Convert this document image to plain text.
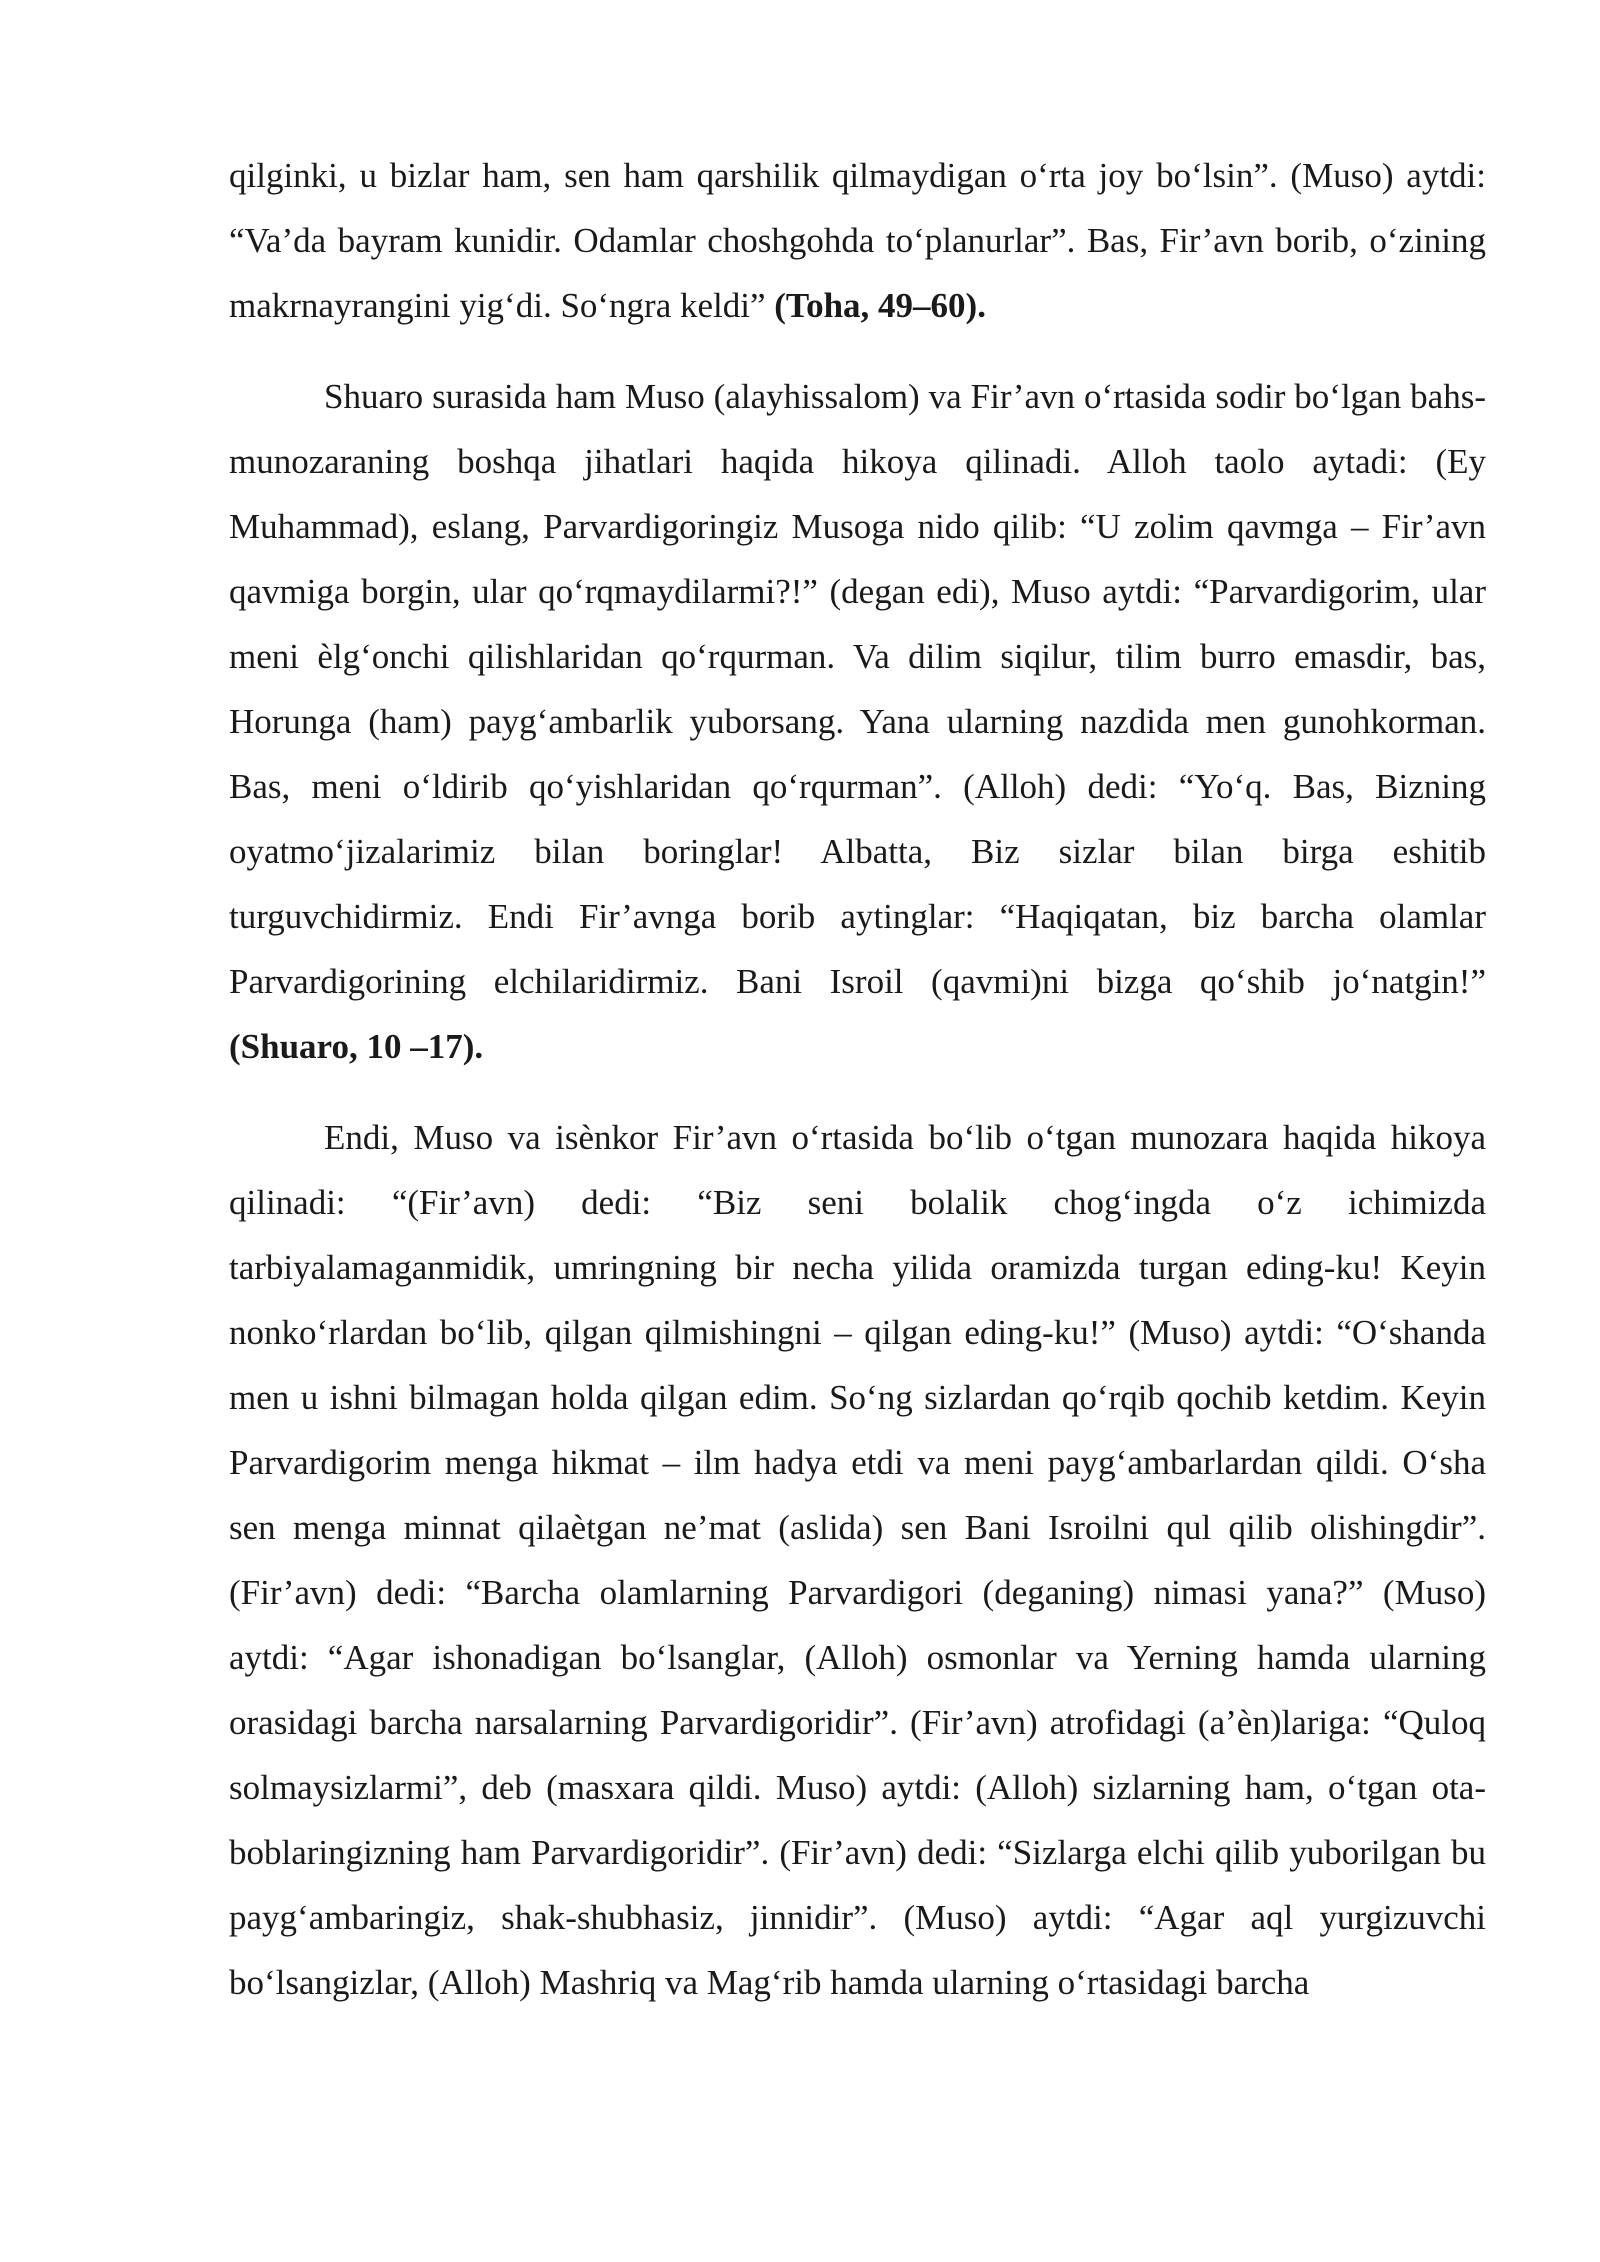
qilginki, u bizlar ham, sen ham qarshilik qilmaydigan o‘rta joy bo‘lsin”. (Muso) aytdi: “Va’da bayram kunidir. Odamlar choshgohda to‘planurlar”. Bas, Fir’avn borib, o‘zining makrnayrangini yig‘di. So‘ngra keldi” (Toha, 49–60).

Shuaro surasida ham Muso (alayhissalom) va Fir’avn o‘rtasida sodir bo‘lgan bahs-munozaraning boshqa jihatlari haqida hikoya qilinadi. Alloh taolo aytadi: (Ey Muhammad), eslang, Parvardigoringiz Musoga nido qilib: “U zolim qavmga – Fir’avn qavmiga borgin, ular qo‘rqmaydilarmi?!” (degan edi), Muso aytdi: “Parvardigorim, ular meni èlg‘onchi qilishlaridan qo‘rqurman. Va dilim siqilur, tilim burro emasdir, bas, Horunga (ham) payg‘ambarlik yuborsang. Yana ularning nazdida men gunohkorman. Bas, meni o‘ldirib qo‘yishlaridan qo‘rqurman”. (Alloh) dedi: “Yo‘q. Bas, Bizning oyatmo‘jizalarimiz bilan boringlar! Albatta, Biz sizlar bilan birga eshitib turguvchidirmiz. Endi Fir’avnga borib aytinglar: “Haqiqatan, biz barcha olamlar Parvardigorining elchilaridirmiz. Bani Isroil (qavmi)ni bizga qo‘shib jo‘natgin!” (Shuaro, 10 –17).

Endi, Muso va isènkor Fir’avn o‘rtasida bo‘lib o‘tgan munozara haqida hikoya qilinadi: “(Fir’avn) dedi: “Biz seni bolalik chog‘ingda o‘z ichimizda tarbiyalamaganmidik, umringning bir necha yilida oramizda turgan eding-ku! Keyin nonko‘rlardan bo‘lib, qilgan qilmishingni – qilgan eding-ku!” (Muso) aytdi: “O‘shanda men u ishni bilmagan holda qilgan edim. So‘ng sizlardan qo‘rqib qochib ketdim. Keyin Parvardigorim menga hikmat – ilm hadya etdi va meni payg‘ambarlardan qildi. O‘sha sen menga minnat qilaètgan ne’mat (aslida) sen Bani Isroilni qul qilib olishingdir”. (Fir’avn) dedi: “Barcha olamlarning Parvardigori (deganing) nimasi yana?” (Muso) aytdi: “Agar ishonadigan bo‘lsanglar, (Alloh) osmonlar va Yerning hamda ularning orasidagi barcha narsalarning Parvardigoridir”. (Fir’avn) atrofidagi (a’èn)lariga: “Quloq solmaysizlarmi”, deb (masxara qildi. Muso) aytdi: (Alloh) sizlarning ham, o‘tgan ota-boblaringizning ham Parvardigoridir”. (Fir’avn) dedi: “Sizlarga elchi qilib yuborilgan bu payg‘ambaringiz, shak-shubhasiz, jinnidir”. (Muso) aytdi: “Agar aql yurgizuvchi bo‘lsangizlar, (Alloh) Mashriq va Mag‘rib hamda ularning o‘rtasidagi barcha
